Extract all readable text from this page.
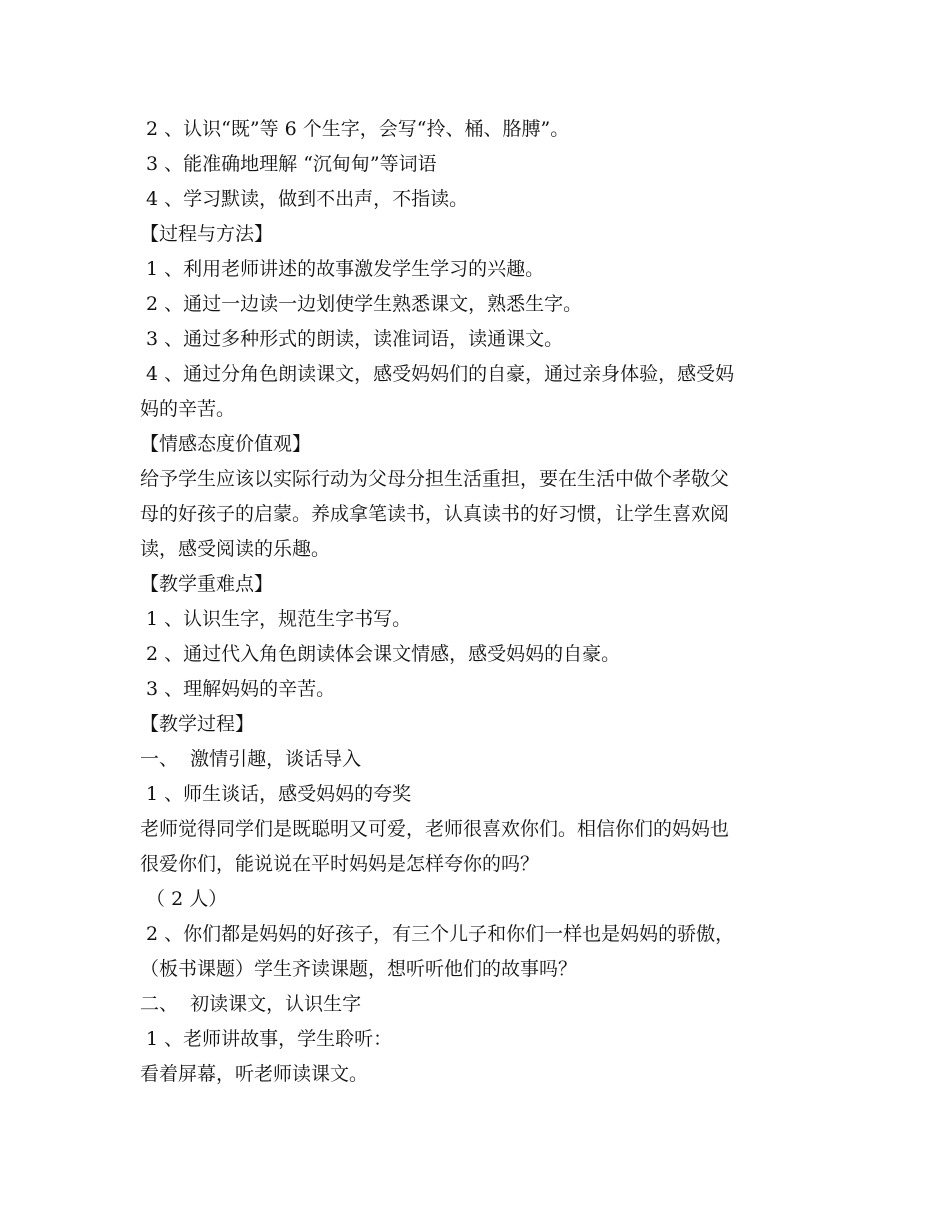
2 、认识“既”等 6 个生字，会写“拎、桶、胳膊”。

3 、能准确地理解 “沉甸甸”等词语

4 、学习默读，做到不出声，不指读。

【过程与方法】

1 、利用老师讲述的故事激发学生学习的兴趣。

2 、通过一边读一边划使学生熟悉课文，熟悉生字。

3 、通过多种形式的朗读，读准词语，读通课文。

4 、通过分角色朗读课文，感受妈妈们的自豪，通过亲身体验，感受妈

妈的辛苦。

【情感态度价值观】

给予学生应该以实际行动为父母分担生活重担，要在生活中做个孝敬父

母的好孩子的启蒙。养成拿笔读书，认真读书的好习惯，让学生喜欢阅

读，感受阅读的乐趣。

【教学重难点】

1 、认识生字，规范生字书写。

2 、通过代入角色朗读体会课文情感，感受妈妈的自豪。

3 、理解妈妈的辛苦。

【教学过程】

一、  激情引趣，谈话导入

1 、师生谈话，感受妈妈的夸奖

老师觉得同学们是既聪明又可爱，老师很喜欢你们。相信你们的妈妈也

很爱你们，能说说在平时妈妈是怎样夸你的吗？

（ 2 人）

2 、你们都是妈妈的好孩子，有三个儿子和你们一样也是妈妈的骄傲，

（板书课题）学生齐读课题，想听听他们的故事吗？

二、  初读课文，认识生字

1 、老师讲故事，学生聆听：

看着屏幕，听老师读课文。
